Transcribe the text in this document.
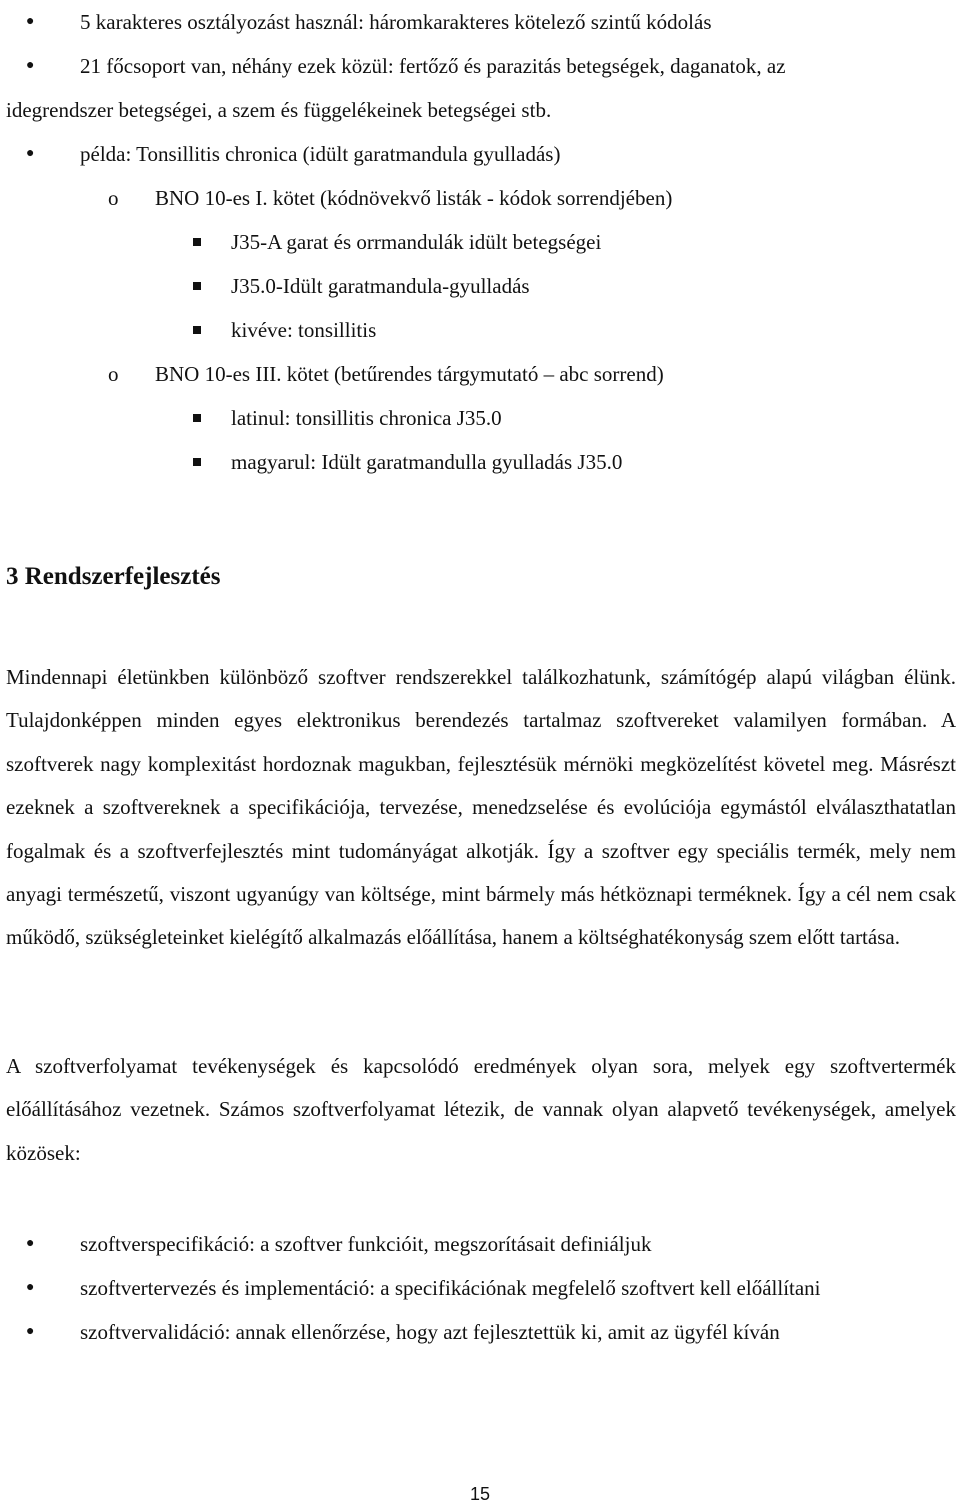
● 5 karakteres osztályozást használ: háromkarakteres kötelező szintű kódolás
● 21 főcsoport van, néhány ezek közül: fertőző és parazitás betegségek, daganatok, az
idegrendszer betegségei, a szem és függelékeinek betegségei stb.
● példa: Tonsillitis chronica (idült garatmandula gyulladás)
o BNO 10-es I. kötet (kódnövekvő listák - kódok sorrendjében)
J35-A garat és orrmandulák idült betegségei
J35.0-Idült garatmandula-gyulladás
kivéve: tonsillitis
o BNO 10-es III. kötet (betűrendes tárgymutató – abc sorrend)
latinul: tonsillitis chronica J35.0
magyarul: Idült garatmandulla gyulladás J35.0
3 Rendszerfejlesztés

Mindennapi életünkben különböző szoftver rendszerekkel találkozhatunk, számítógép alapú világban élünk. Tulajdonképpen minden egyes elektronikus berendezés tartalmaz szoftvereket valamilyen formában. A szoftverek nagy komplexitást hordoznak magukban, fejlesztésük mérnöki megközelítést követel meg. Másrészt ezeknek a szoftvereknek a specifikációja, tervezése, menedzselése és evolúciója egymástól elválaszthatatlan fogalmak és a szoftverfejlesztés mint tudományágat alkotják. Így a szoftver egy speciális termék, mely nem anyagi természetű, viszont ugyanúgy van költsége, mint bármely más hétköznapi terméknek. Így a cél nem csak működő, szükségleteinket kielégítő alkalmazás előállítása, hanem a költséghatékonyság szem előtt tartása.

A szoftverfolyamat tevékenységek és kapcsolódó eredmények olyan sora, melyek egy szoftvertermék előállításához vezetnek. Számos szoftverfolyamat létezik, de vannak olyan alapvető tevékenységek, amelyek közösek:

● szoftverspecifikáció: a szoftver funkcióit, megszorításait definiáljuk
● szoftvertervezés és implementáció: a specifikációnak megfelelő szoftvert kell előállítani
● szoftvervalidáció: annak ellenőrzése, hogy azt fejlesztettük ki, amit az ügyfél kíván
15
